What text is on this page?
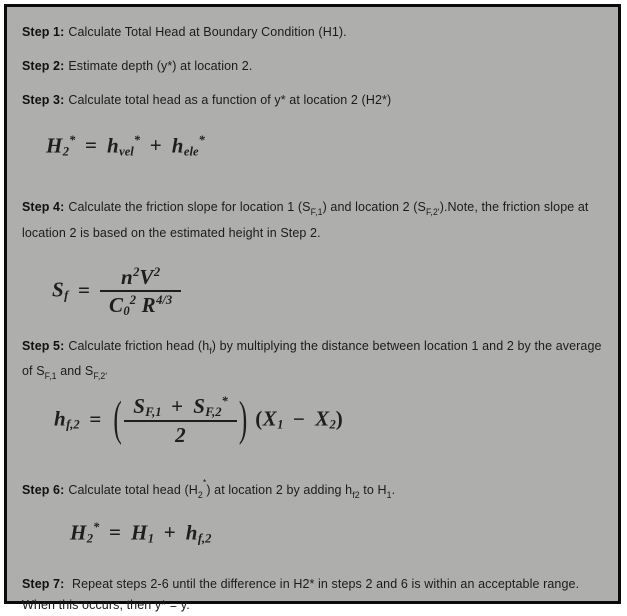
Step 1: Calculate Total Head at Boundary Condition (H1).

Step 2: Estimate depth (y*) at location 2.

Step 3: Calculate total head as a function of y* at location 2 (H2*)

H2* = hvel* + hele*

Step 4: Calculate the friction slope for location 1 $(S_{F,1})$ and location 2 $(S_{F,2'}).Note$, the friction slope at location 2 is based on the estimated height in Step 2.

$Sf = \frac{n^2V^2}{C0^2 R^{4/3}}$

Step 5: Calculate friction head $(h_f)$ by multiplying the distance between location 1 and 2 by the average of $S_{F,1}$ and $S_{F,2'}$

hf,2 = ( $\frac{SF,1 + SF,2^*}{2}$ ) (X1 − X2)

Step 6: Calculate total head $(H_2^*)$ at location 2 by adding $h_{f2}$ to $H_1$.

H2* = H1 + hf,2

Step 7: Repeat steps 2-6 until the difference in H2* in steps 2 and 6 is within an acceptable range. When this occurs, then y* = y.
